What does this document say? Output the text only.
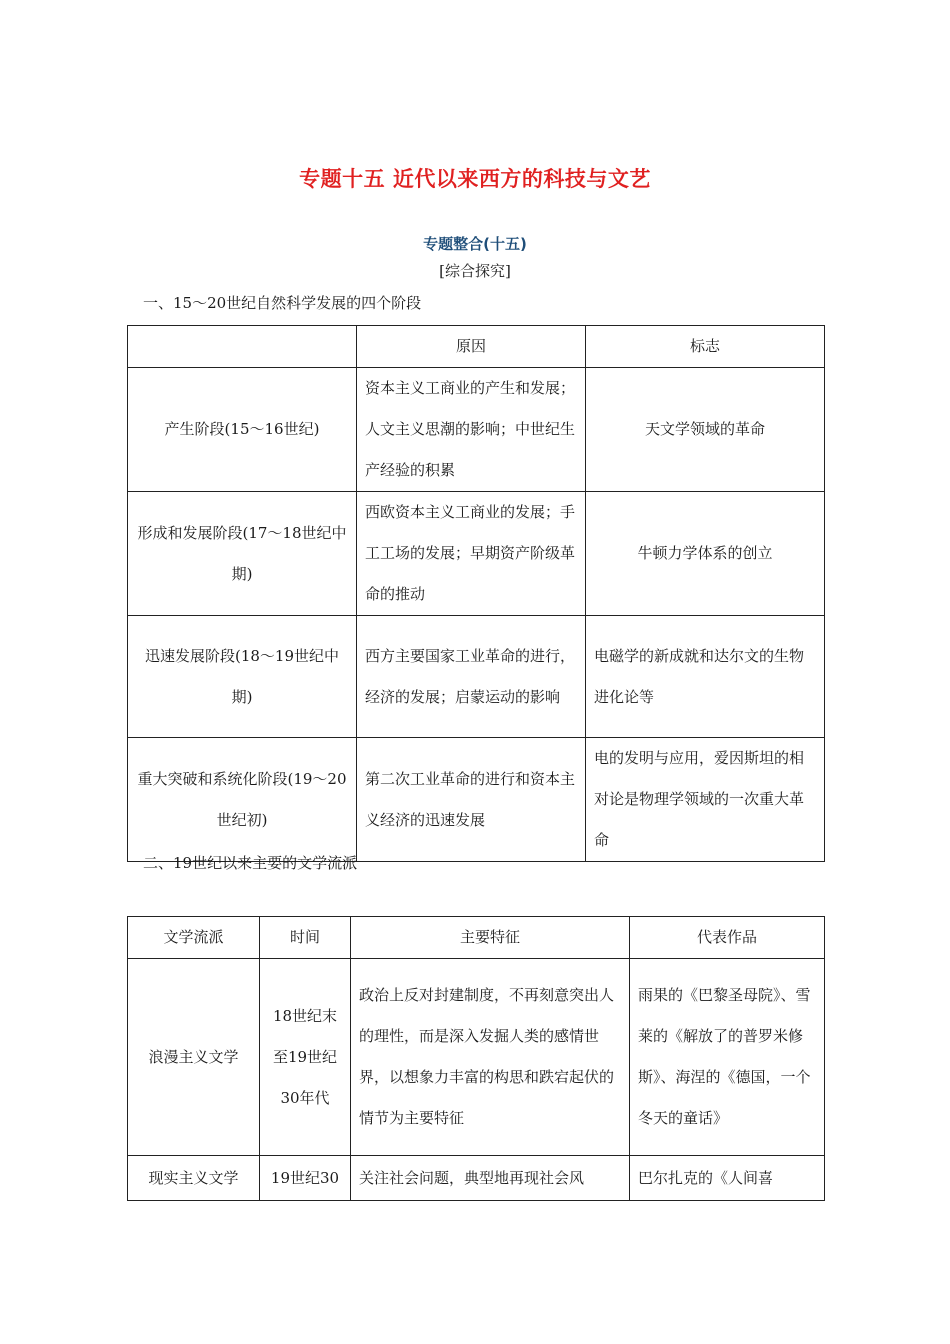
专题十五 近代以来西方的科技与文艺
专题整合(十五)
[综合探究]
一、15～20世纪自然科学发展的四个阶段
	原因	标志
产生阶段(15～16世纪)	资本主义工商业的产生和发展；人文主义思潮的影响；中世纪生产经验的积累	天文学领域的革命
形成和发展阶段(17～18世纪中期)	西欧资本主义工商业的发展；手工工场的发展；早期资产阶级革命的推动	牛顿力学体系的创立
迅速发展阶段(18～19世纪中期)	西方主要国家工业革命的进行，经济的发展；启蒙运动的影响	电磁学的新成就和达尔文的生物进化论等
重大突破和系统化阶段(19～20世纪初)	第二次工业革命的进行和资本主义经济的迅速发展	电的发明与应用，爱因斯坦的相对论是物理学领域的一次重大革命
二、19世纪以来主要的文学流派
文学流派	时间	主要特征	代表作品
浪漫主义文学	18世纪末至19世纪30年代	政治上反对封建制度，不再刻意突出人的理性，而是深入发掘人类的感情世界，以想象力丰富的构思和跌宕起伏的情节为主要特征	雨果的《巴黎圣母院》、雪莱的《解放了的普罗米修斯》、海涅的《德国，一个冬天的童话》
现实主义文学	19世纪30	关注社会问题，典型地再现社会风	巴尔扎克的《人间喜
